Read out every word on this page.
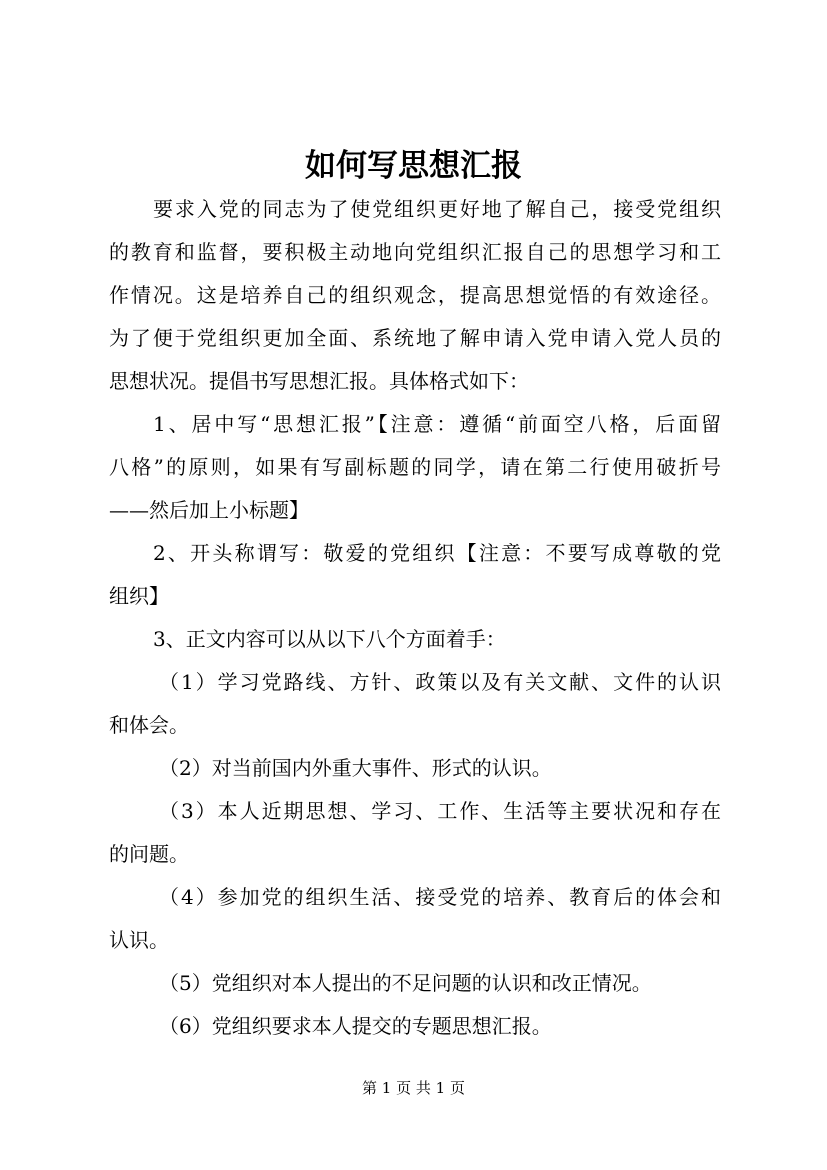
如何写思想汇报
要求入党的同志为了使党组织更好地了解自己，接受党组织
的教育和监督，要积极主动地向党组织汇报自己的思想学习和工
作情况。这是培养自己的组织观念，提高思想觉悟的有效途径。
为了便于党组织更加全面、系统地了解申请入党申请入党人员的
思想状况。提倡书写思想汇报。具体格式如下：
1、居中写“思想汇报”【注意：遵循“前面空八格，后面留
八格”的原则，如果有写副标题的同学，请在第二行使用破折号
——然后加上小标题】
2、开头称谓写：敬爱的党组织【注意：不要写成尊敬的党
组织】
3、正文内容可以从以下八个方面着手：
（1）学习党路线、方针、政策以及有关文献、文件的认识
和体会。
（2）对当前国内外重大事件、形式的认识。
（3）本人近期思想、学习、工作、生活等主要状况和存在
的问题。
（4）参加党的组织生活、接受党的培养、教育后的体会和
认识。
（5）党组织对本人提出的不足问题的认识和改正情况。
（6）党组织要求本人提交的专题思想汇报。
第 1 页 共 1 页
